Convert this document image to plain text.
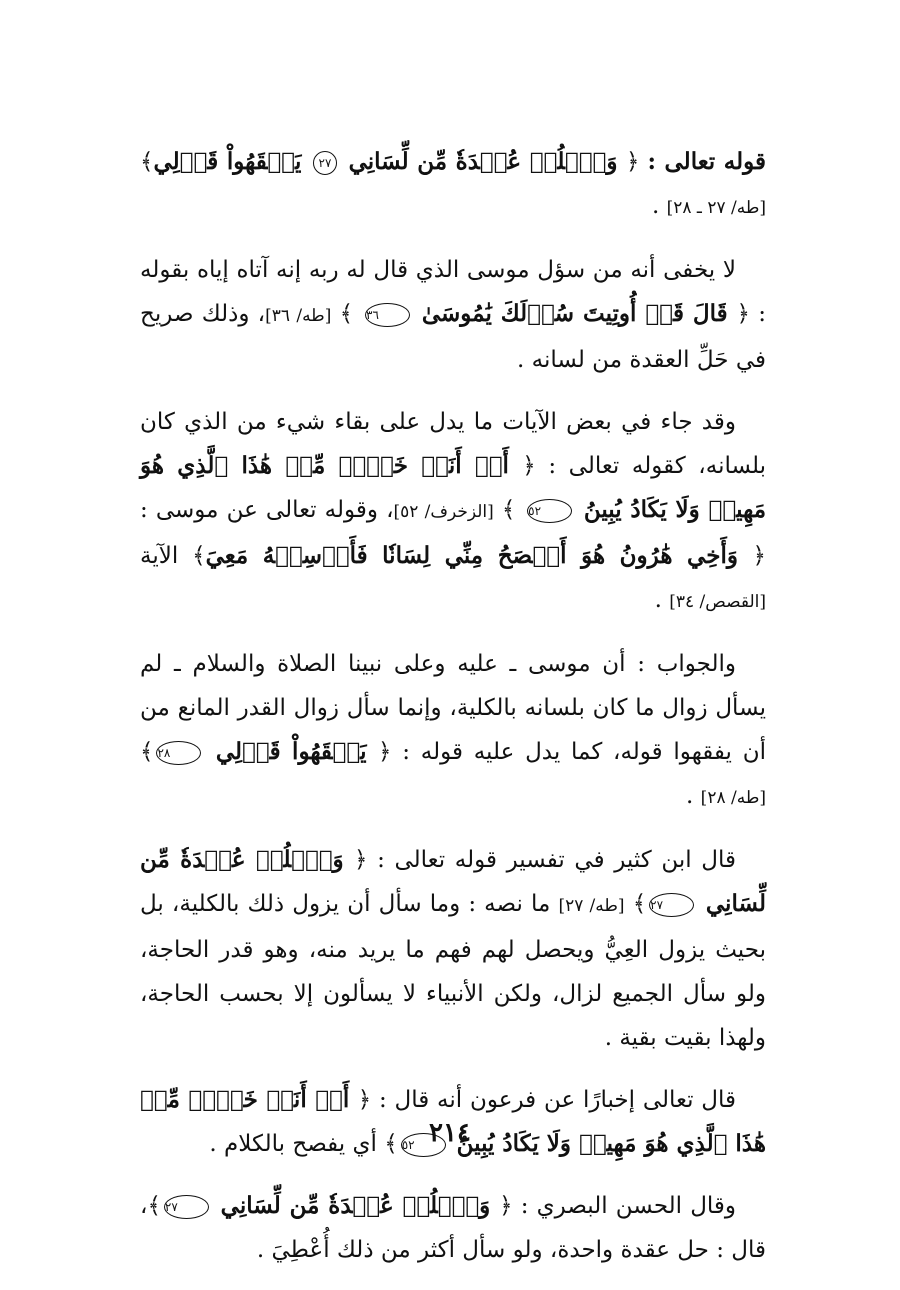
قوله تعالى : ﴿ وَٱحۡلُلۡ عُقۡدَةٗ مِّن لِّسَانِي ٢٧ يَفۡقَهُواْ قَوۡلِي﴾ [طه/ ٢٧ ـ ٢٨] .

لا يخفى أنه من سؤل موسى الذي قال له ربه إنه آتاه إياه بقوله : ﴿ قَالَ قَدۡ أُوتِيتَ سُؤۡلَكَ يَٰمُوسَىٰ ٣٦ ﴾ [طه/ ٣٦]، وذلك صريح في حَلِّ العقدة من لسانه .

وقد جاء في بعض الآيات ما يدل على بقاء شيء من الذي كان بلسانه، كقوله تعالى : ﴿ أَمۡ أَنَا۠ خَيۡرٞ مِّنۡ هَٰذَا ٱلَّذِي هُوَ مَهِينٞ وَلَا يَكَادُ يُبِينُ ٥٢ ﴾ [الزخرف/ ٥٢]، وقوله تعالى عن موسى : ﴿ وَأَخِي هَٰرُونُ هُوَ أَفۡصَحُ مِنِّي لِسَانٗا فَأَرۡسِلۡهُ مَعِيَ﴾ الآية [القصص/ ٣٤] .

والجواب : أن موسى ـ عليه وعلى نبينا الصلاة والسلام ـ لم يسأل زوال ما كان بلسانه بالكلية، وإنما سأل زوال القدر المانع من أن يفقهوا قوله، كما يدل عليه قوله : ﴿ يَفۡقَهُواْ قَوۡلِي ٢٨﴾ [طه/ ٢٨] .

قال ابن كثير في تفسير قوله تعالى : ﴿ وَٱحۡلُلۡ عُقۡدَةٗ مِّن لِّسَانِي ٢٧﴾ [طه/ ٢٧] ما نصه : وما سأل أن يزول ذلك بالكلية، بل بحيث يزول العِيُّ ويحصل لهم فهم ما يريد منه، وهو قدر الحاجة، ولو سأل الجميع لزال، ولكن الأنبياء لا يسألون إلا بحسب الحاجة، ولهذا بقيت بقية .

قال تعالى إخبارًا عن فرعون أنه قال : ﴿ أَمۡ أَنَا۠ خَيۡرٞ مِّنۡ هَٰذَا ٱلَّذِي هُوَ مَهِينٞ وَلَا يَكَادُ يُبِينُ ٥٢﴾ أي يفصح بالكلام .

وقال الحسن البصري : ﴿ وَٱحۡلُلۡ عُقۡدَةٗ مِّن لِّسَانِي ٢٧﴾، قال : حل عقدة واحدة، ولو سأل أكثر من ذلك أُعْطِيَ .

٢١٤
